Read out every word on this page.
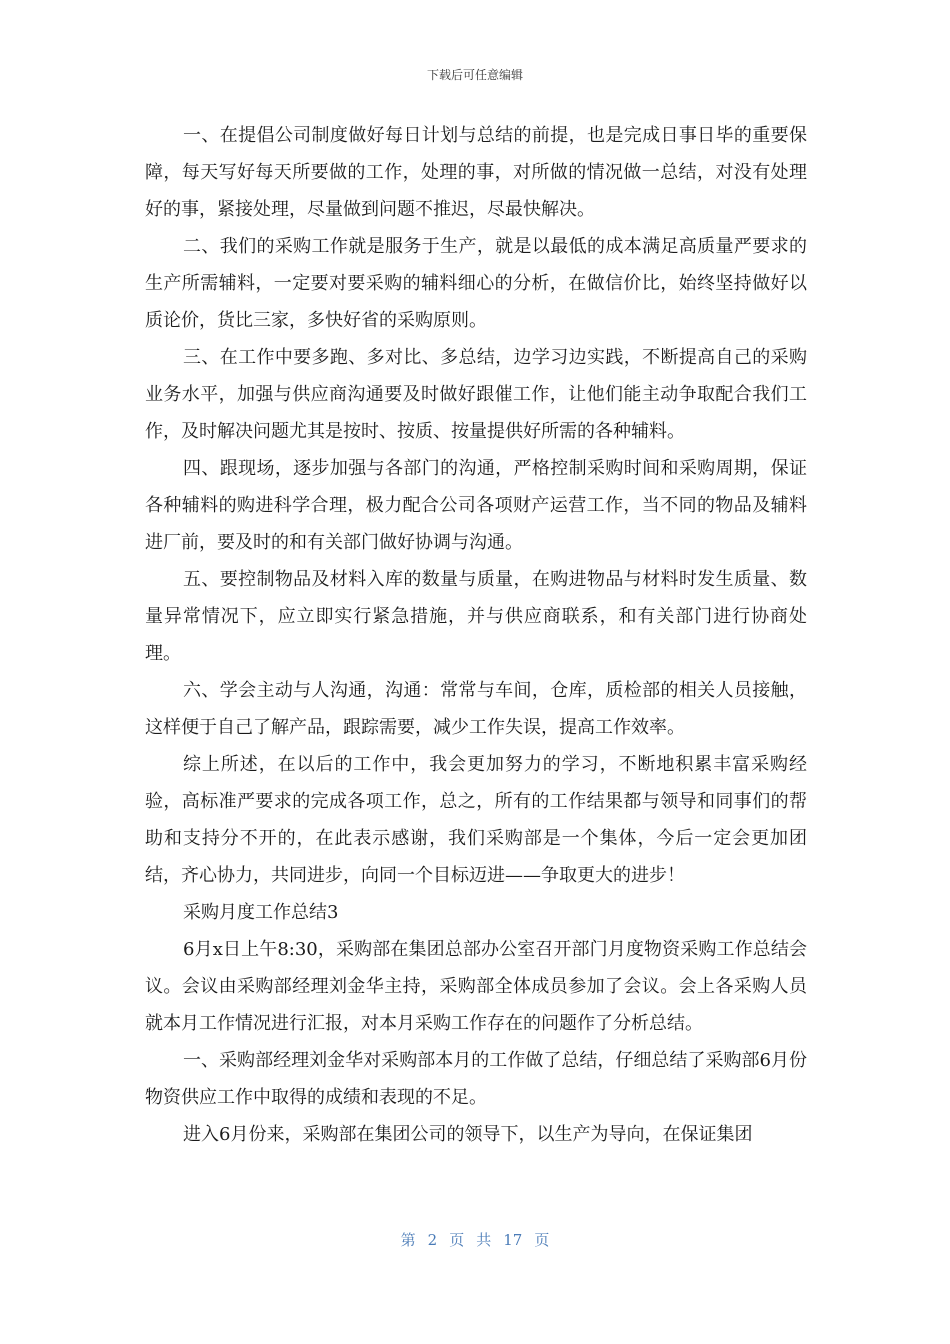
下载后可任意编辑

一、在提倡公司制度做好每日计划与总结的前提，也是完成日事日毕的重要保障，每天写好每天所要做的工作，处理的事，对所做的情况做一总结，对没有处理好的事，紧接处理，尽量做到问题不推迟，尽最快解决。

二、我们的采购工作就是服务于生产，就是以最低的成本满足高质量严要求的生产所需辅料，一定要对要采购的辅料细心的分析，在做信价比，始终坚持做好以质论价，货比三家，多快好省的采购原则。

三、在工作中要多跑、多对比、多总结，边学习边实践，不断提高自己的采购业务水平，加强与供应商沟通要及时做好跟催工作，让他们能主动争取配合我们工作，及时解决问题尤其是按时、按质、按量提供好所需的各种辅料。

四、跟现场，逐步加强与各部门的沟通，严格控制采购时间和采购周期，保证各种辅料的购进科学合理，极力配合公司各项财产运营工作，当不同的物品及辅料进厂前，要及时的和有关部门做好协调与沟通。

五、要控制物品及材料入库的数量与质量，在购进物品与材料时发生质量、数量异常情况下，应立即实行紧急措施，并与供应商联系，和有关部门进行协商处理。

六、学会主动与人沟通，沟通：常常与车间，仓库，质检部的相关人员接触，这样便于自己了解产品，跟踪需要，减少工作失误，提高工作效率。

综上所述，在以后的工作中，我会更加努力的学习，不断地积累丰富采购经验，高标准严要求的完成各项工作，总之，所有的工作结果都与领导和同事们的帮助和支持分不开的，在此表示感谢，我们采购部是一个集体，今后一定会更加团结，齐心协力，共同进步，向同一个目标迈进——争取更大的进步！

采购月度工作总结3

6月x日上午8:30，采购部在集团总部办公室召开部门月度物资采购工作总结会议。会议由采购部经理刘金华主持，采购部全体成员参加了会议。会上各采购人员就本月工作情况进行汇报，对本月采购工作存在的问题作了分析总结。

一、采购部经理刘金华对采购部本月的工作做了总结，仔细总结了采购部6月份物资供应工作中取得的成绩和表现的不足。

进入6月份来，采购部在集团公司的领导下，以生产为导向，在保证集团

第 2 页 共 17 页
